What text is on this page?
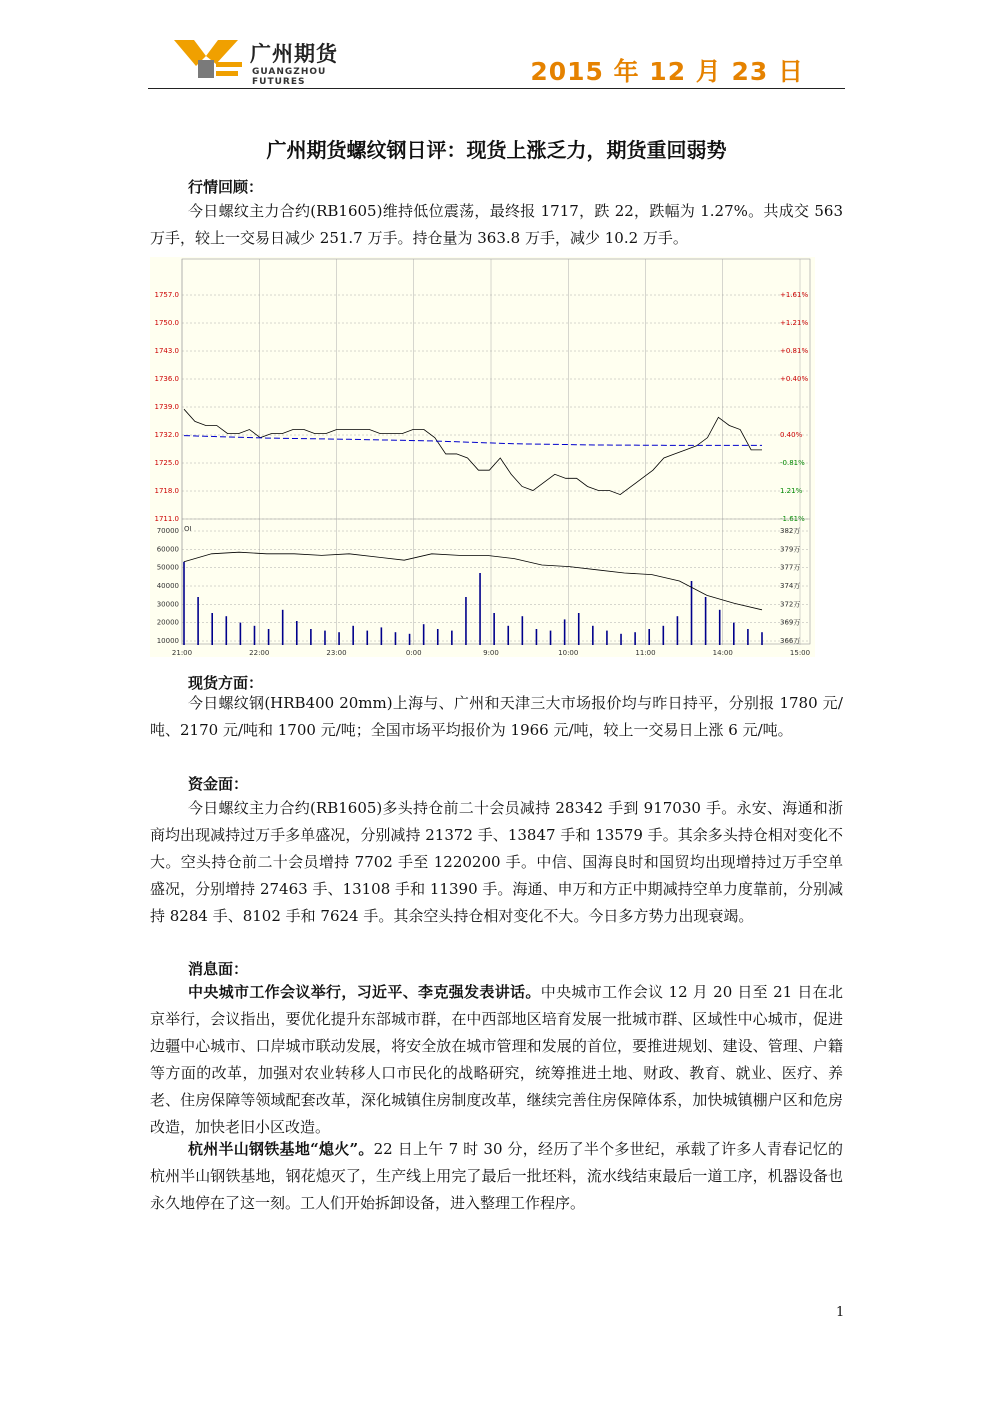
广州期货
GUANGZHOU FUTURES	2015 年 12 月 23 日
广州期货螺纹钢日评：现货上涨乏力，期货重回弱势
行情回顾：
今日螺纹主力合约(RB1605)维持低位震荡，最终报 1717，跌 22，跌幅为 1.27%。共成交 563 万手，较上一交易日减少 251.7 万手。持仓量为 363.8 万手，减少 10.2 万手。
1757.0	+1.61%
1750.0	+1.21%
1743.0	+0.81%
1736.0	+0.40%
1739.0
1732.0	0.40%
1725.0	-0.81%
1718.0	1.21%
1711.0	-1.61%
21:00	22:00	23:00	0:00	9:00	10:00	11:00	14:00	15:00
OI
70000	382万
60000	379万
50000	377万
40000	374万
30000	372万
20000	369万
10000	366万
现货方面：
今日螺纹钢(HRB400 20mm)上海与、广州和天津三大市场报价均与昨日持平，分别报 1780 元/吨、2170 元/吨和 1700 元/吨；全国市场平均报价为 1966 元/吨，较上一交易日上涨 6 元/吨。
资金面：
今日螺纹主力合约(RB1605)多头持仓前二十会员减持 28342 手到 917030 手。永安、海通和浙商均出现减持过万手多单盛况，分别减持 21372 手、13847 手和 13579 手。其余多头持仓相对变化不大。空头持仓前二十会员增持 7702 手至 1220200 手。中信、国海良时和国贸均出现增持过万手空单盛况，分别增持 27463 手、13108 手和 11390 手。海通、申万和方正中期减持空单力度靠前，分别减持 8284 手、8102 手和 7624 手。其余空头持仓相对变化不大。今日多方势力出现衰竭。
消息面：
中央城市工作会议举行，习近平、李克强发表讲话。中央城市工作会议 12 月 20 日至 21 日在北京举行，会议指出，要优化提升东部城市群，在中西部地区培育发展一批城市群、区域性中心城市，促进边疆中心城市、口岸城市联动发展，将安全放在城市管理和发展的首位，要推进规划、建设、管理、户籍等方面的改革，加强对农业转移人口市民化的战略研究，统筹推进土地、财政、教育、就业、医疗、养老、住房保障等领域配套改革，深化城镇住房制度改革，继续完善住房保障体系，加快城镇棚户区和危房改造，加快老旧小区改造。
杭州半山钢铁基地“熄火”。22 日上午 7 时 30 分，经历了半个多世纪，承载了许多人青春记忆的杭州半山钢铁基地，钢花熄灭了，生产线上用完了最后一批坯料，流水线结束最后一道工序，机器设备也永久地停在了这一刻。工人们开始拆卸设备，进入整理工作程序。
1
